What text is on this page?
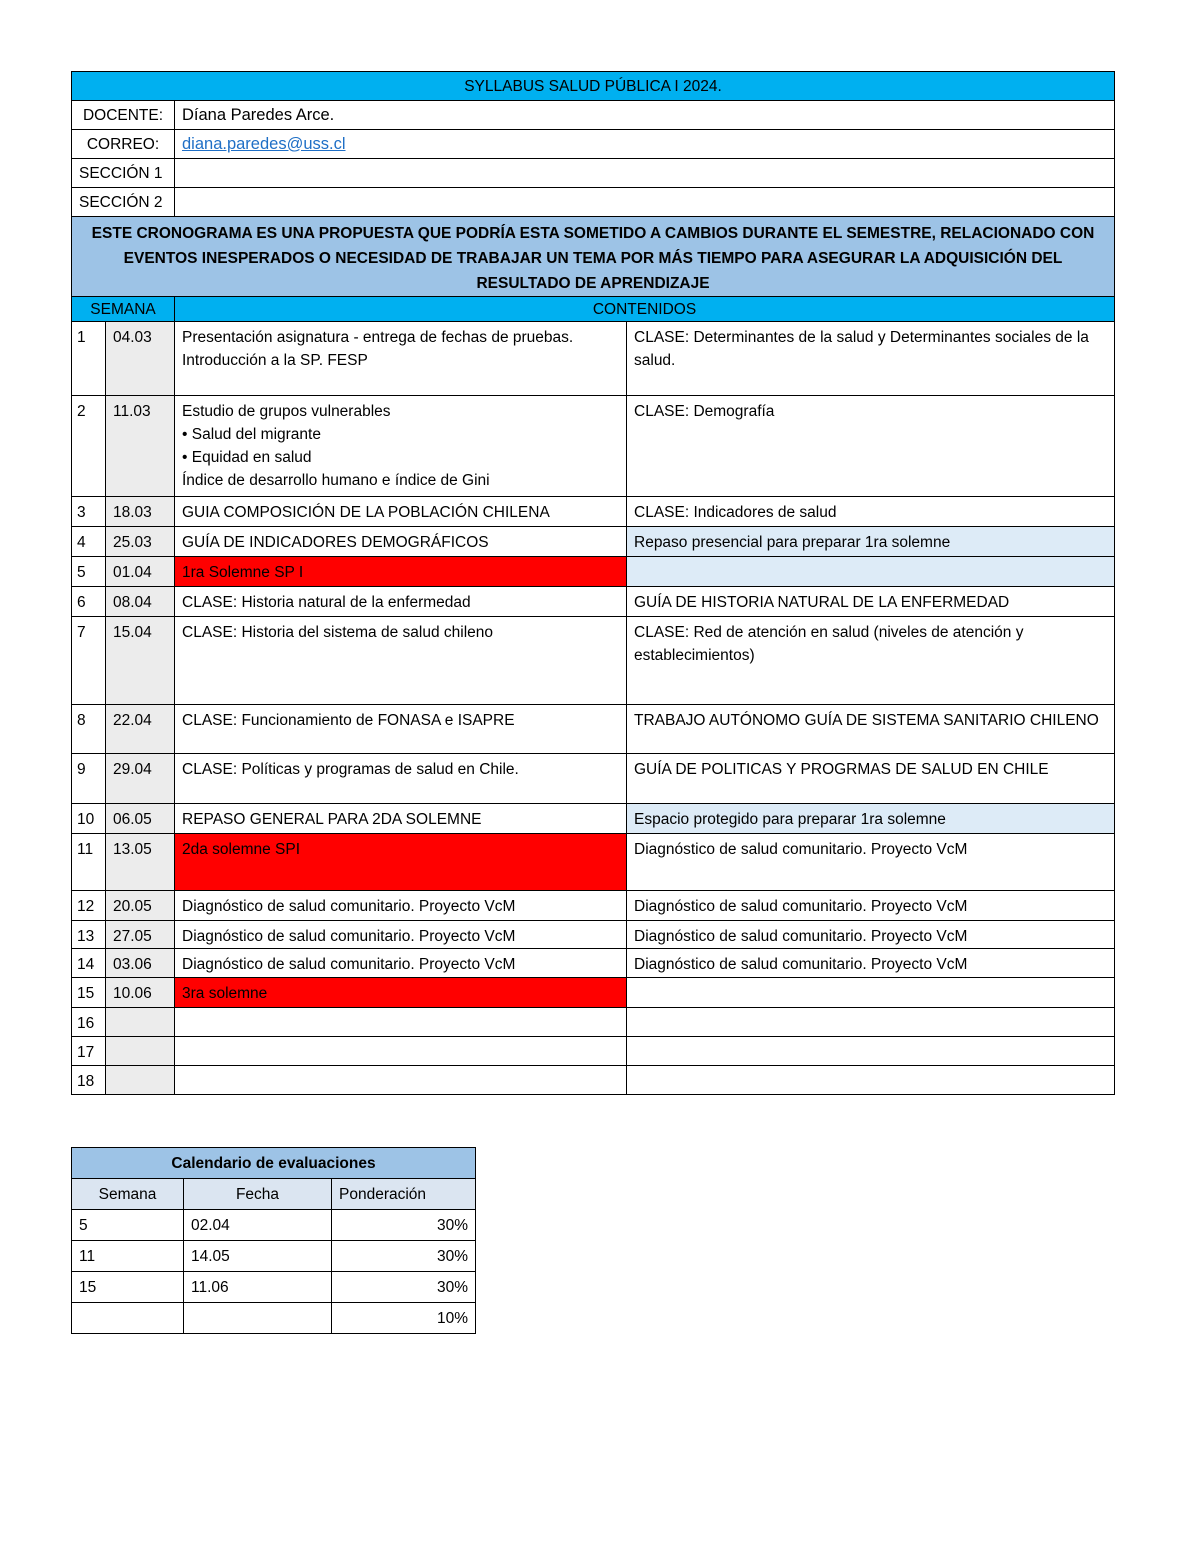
SYLLABUS SALUD PÚBLICA I 2024.			
DOCENTE:		Díana Paredes Arce.	
CORREO:		diana.paredes@uss.cl	
SECCIÓN 1			
SECCIÓN 2			
ESTE CRONOGRAMA ES UNA PROPUESTA QUE PODRÍA ESTA SOMETIDO A CAMBIOS DURANTE EL SEMESTRE, RELACIONADO CON EVENTOS INESPERADOS O NECESIDAD DE TRABAJAR UN TEMA POR MÁS TIEMPO PARA ASEGURAR LA ADQUISICIÓN DEL RESULTADO DE APRENDIZAJE			
SEMANA		CONTENIDOS	
1	04.03	Presentación asignatura - entrega de fechas de pruebas. Introducción a la SP. FESP	CLASE: Determinantes de la salud y Determinantes sociales de la salud.
2	11.03	Estudio de grupos vulnerables
• Salud del migrante
• Equidad en salud
Índice de desarrollo humano e índice de Gini	CLASE: Demografía
3	18.03	GUIA COMPOSICIÓN DE LA POBLACIÓN CHILENA	CLASE: Indicadores de salud
4	25.03	GUÍA DE INDICADORES DEMOGRÁFICOS	Repaso presencial para preparar 1ra solemne
5	01.04	1ra Solemne SP I	
6	08.04	CLASE: Historia natural de la enfermedad	GUÍA DE HISTORIA NATURAL DE LA ENFERMEDAD
7	15.04	CLASE: Historia del sistema de salud chileno	CLASE: Red de atención en salud (niveles de atención y establecimientos)
8	22.04	CLASE: Funcionamiento de FONASA e ISAPRE	TRABAJO AUTÓNOMO GUÍA DE SISTEMA SANITARIO CHILENO
9	29.04	CLASE: Políticas y programas de salud en Chile.	GUÍA DE POLITICAS Y PROGRMAS DE SALUD EN CHILE
10	06.05	REPASO GENERAL PARA 2DA SOLEMNE	Espacio protegido para preparar 1ra solemne
11	13.05	2da solemne SPI	Diagnóstico de salud comunitario. Proyecto VcM
12	20.05	Diagnóstico de salud comunitario. Proyecto VcM	Diagnóstico de salud comunitario. Proyecto VcM
13	27.05	Diagnóstico de salud comunitario. Proyecto VcM	Diagnóstico de salud comunitario. Proyecto VcM
14	03.06	Diagnóstico de salud comunitario. Proyecto VcM	Diagnóstico de salud comunitario. Proyecto VcM
15	10.06	3ra solemne	
16			
17			
18			
Calendario de evaluaciones		
Semana	Fecha	Ponderación
5	02.04	30%
11	14.05	30%
15	11.06	30%
		10%
